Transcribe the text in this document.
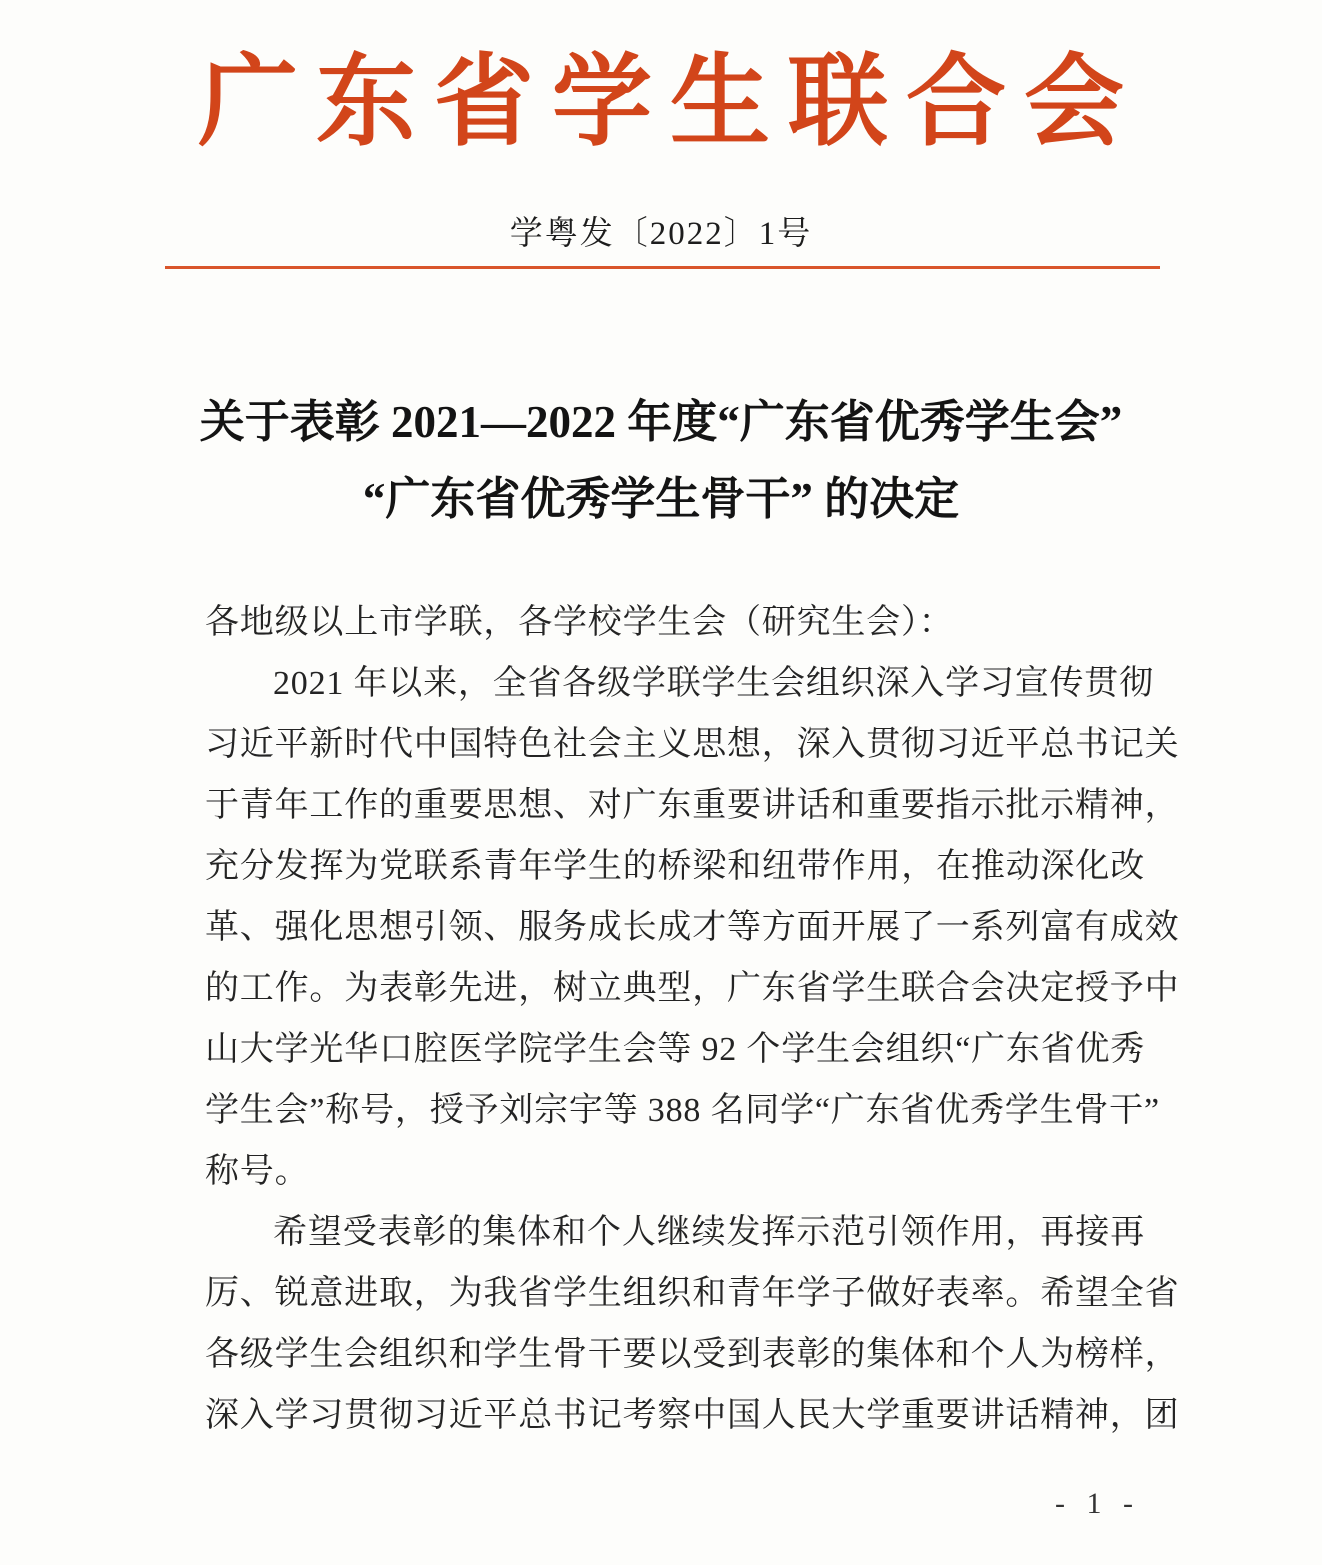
广东省学生联合会
学粤发〔2022〕1号
关于表彰 2021—2022 年度“广东省优秀学生会”
“广东省优秀学生骨干” 的决定
各地级以上市学联，各学校学生会（研究生会）：
2021 年以来，全省各级学联学生会组织深入学习宣传贯彻
习近平新时代中国特色社会主义思想，深入贯彻习近平总书记关
于青年工作的重要思想、对广东重要讲话和重要指示批示精神，
充分发挥为党联系青年学生的桥梁和纽带作用，在推动深化改
革、强化思想引领、服务成长成才等方面开展了一系列富有成效
的工作。为表彰先进，树立典型，广东省学生联合会决定授予中
山大学光华口腔医学院学生会等 92 个学生会组织“广东省优秀
学生会”称号，授予刘宗宇等 388 名同学“广东省优秀学生骨干”
称号。
希望受表彰的集体和个人继续发挥示范引领作用，再接再
厉、锐意进取，为我省学生组织和青年学子做好表率。希望全省
各级学生会组织和学生骨干要以受到表彰的集体和个人为榜样，
深入学习贯彻习近平总书记考察中国人民大学重要讲话精神，团
- 1 -
